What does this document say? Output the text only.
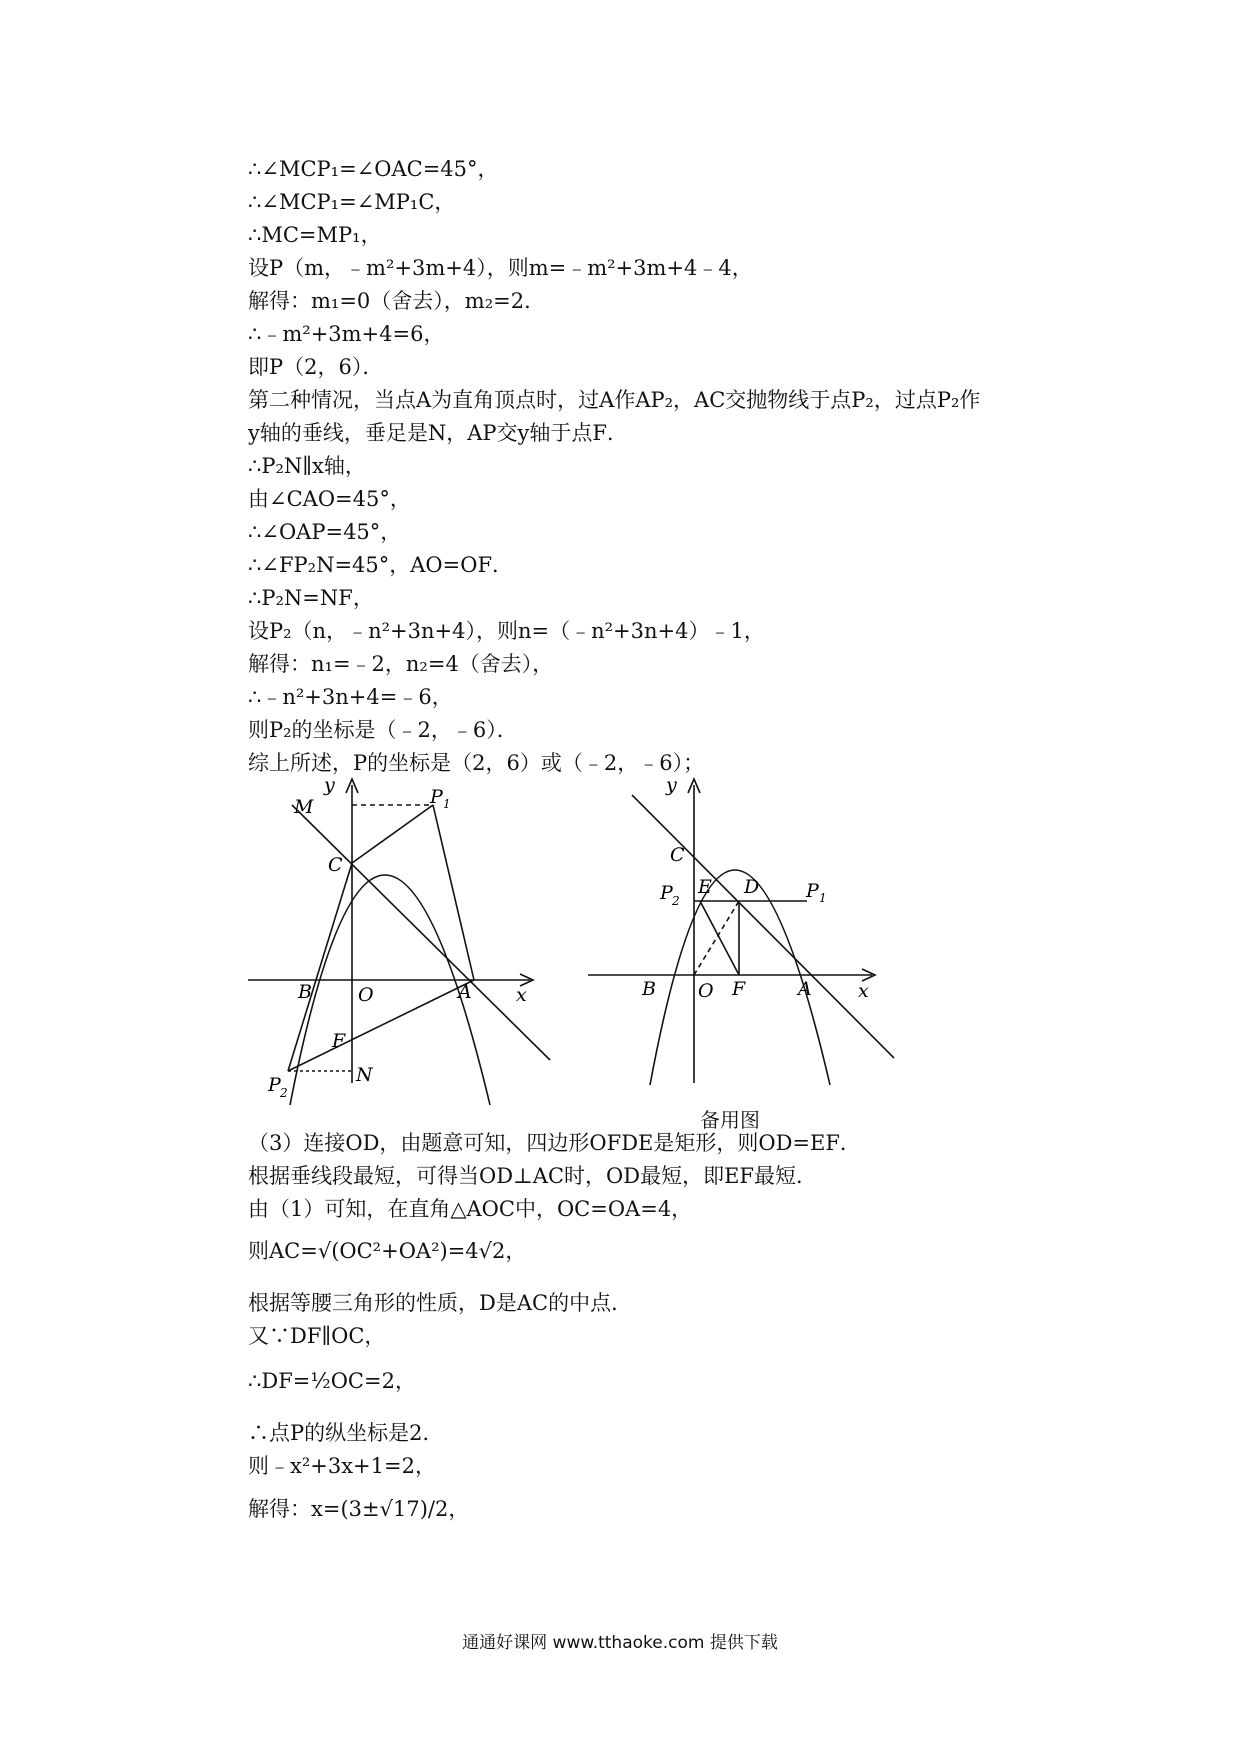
∴∠MCP₁=∠OAC=45°，
∴∠MCP₁=∠MP₁C，
∴MC=MP₁，
设P（m，﹣m²+3m+4），则m=﹣m²+3m+4﹣4，
解得：m₁=0（舍去），m₂=2．
∴﹣m²+3m+4=6，
即P（2，6）．
第二种情况，当点A为直角顶点时，过A作AP₂，AC交抛物线于点P₂，过点P₂作
y轴的垂线，垂足是N，AP交y轴于点F．
∴P₂N∥x轴，
由∠CAO=45°，
∴∠OAP=45°，
∴∠FP₂N=45°，AO=OF．
∴P₂N=NF，
设P₂（n，﹣n²+3n+4），则n=（﹣n²+3n+4）﹣1，
解得：n₁=﹣2，n₂=4（舍去），
∴﹣n²+3n+4=﹣6，
则P₂的坐标是（﹣2，﹣6）．
综上所述，P的坐标是（2，6）或（﹣2，﹣6）；
y
M	P 1
C
B O	A x
F
N
P 2
y
C
E D P 1
P 2
B O F	A x
备用图
（3）连接OD，由题意可知，四边形OFDE是矩形，则OD=EF．
根据垂线段最短，可得当OD⊥AC时，OD最短，即EF最短．
由（1）可知，在直角△AOC中，OC=OA=4，
则AC=√(OC²+OA²)=4√2，
根据等腰三角形的性质，D是AC的中点．
又∵DF∥OC，
∴DF=½OC=2，
∴点P的纵坐标是2．
则﹣x²+3x+1=2，
解得：x=(3±√17)/2，
通通好课网 www.tthaoke.com 提供下载
